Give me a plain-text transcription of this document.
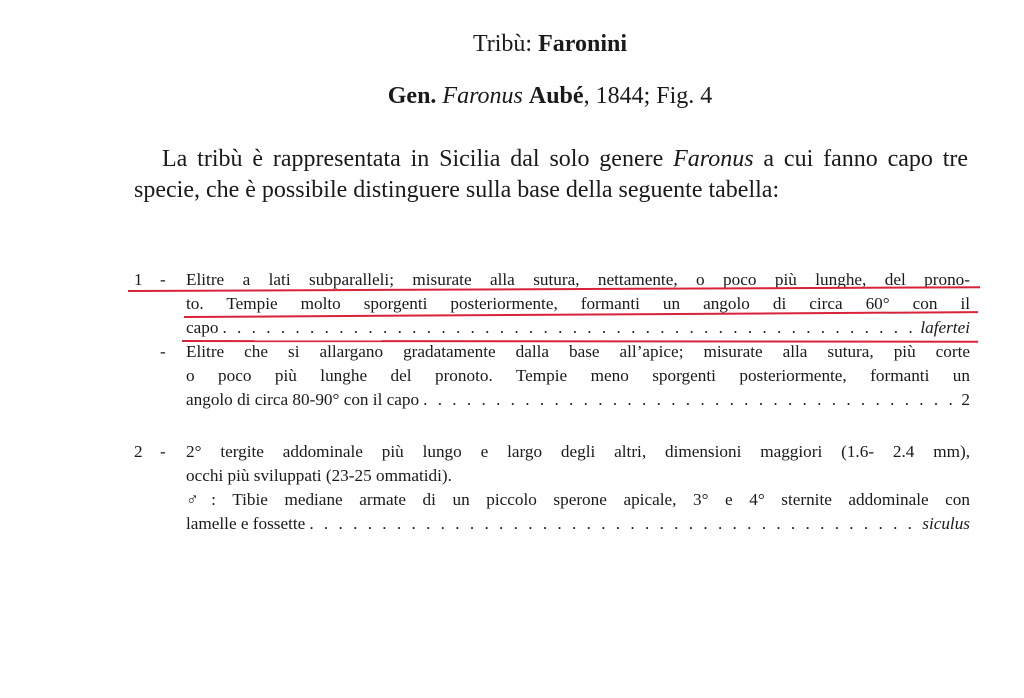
Tribù: Faronini
Gen. Faronus Aubé, 1844; Fig. 4

La tribù è rappresentata in Sicilia dal solo genere Faronus a cui fanno capo tre specie, che è possibile distinguere sulla base della seguente tabella:

1 - Elitre a lati subparalleli; misurate alla sutura, nettamente, o poco più lunghe, del prono-
to. Tempie molto sporgenti posteriormente, formanti un angolo di circa 60° con il
capo . . .	lafertei
- Elitre che si allargano gradatamente dalla base all’apice; misurate alla sutura, più corte
o poco più lunghe del pronoto. Tempie meno sporgenti posteriormente, formanti un
angolo di circa 80-90° con il capo . . .	2
2 - 2° tergite addominale più lungo e largo degli altri, dimensioni maggiori (1.6- 2.4 mm),
occhi più sviluppati (23-25 ommatidi).
♂: Tibie mediane armate di un piccolo sperone apicale, 3° e 4° sternite addominale con
lamelle e fossette . . .	siculus
